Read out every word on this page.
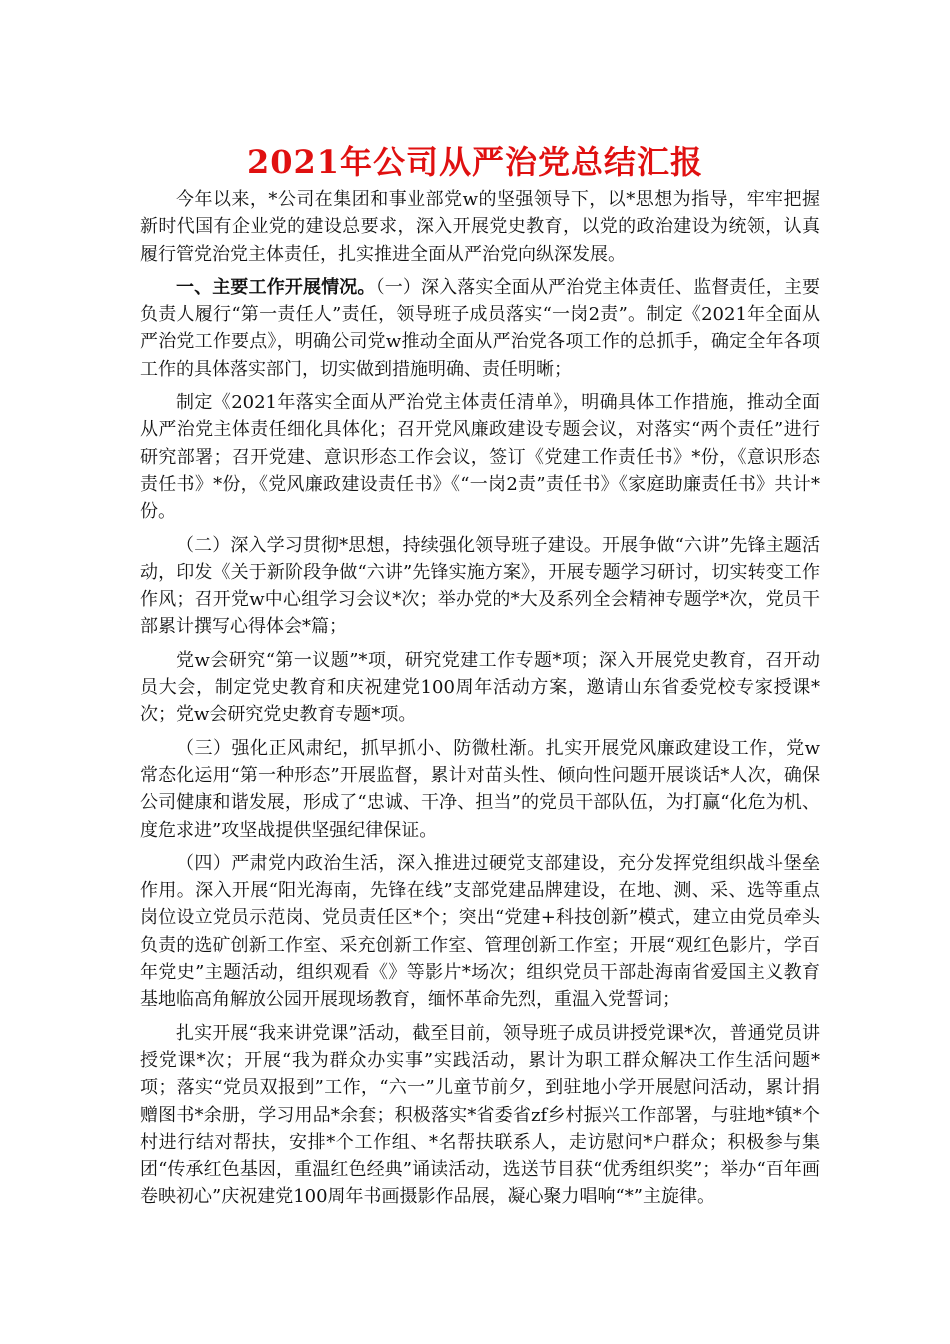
2021年公司从严治党总结汇报

今年以来，*公司在集团和事业部党w的坚强领导下，以*思想为指导，牢牢把握新时代国有企业党的建设总要求，深入开展党史教育，以党的政治建设为统领，认真履行管党治党主体责任，扎实推进全面从严治党向纵深发展。

一、主要工作开展情况。（一）深入落实全面从严治党主体责任、监督责任，主要负责人履行“第一责任人”责任，领导班子成员落实“一岗2责”。制定《2021年全面从严治党工作要点》，明确公司党w推动全面从严治党各项工作的总抓手，确定全年各项工作的具体落实部门，切实做到措施明确、责任明晰；

制定《2021年落实全面从严治党主体责任清单》，明确具体工作措施，推动全面从严治党主体责任细化具体化；召开党风廉政建设专题会议，对落实“两个责任”进行研究部署；召开党建、意识形态工作会议，签订《党建工作责任书》*份，《意识形态责任书》*份，《党风廉政建设责任书》《“一岗2责”责任书》《家庭助廉责任书》共计*份。

（二）深入学习贯彻*思想，持续强化领导班子建设。开展争做“六讲”先锋主题活动，印发《关于新阶段争做“六讲”先锋实施方案》，开展专题学习研讨，切实转变工作作风；召开党w中心组学习会议*次；举办党的*大及系列全会精神专题学*次，党员干部累计撰写心得体会*篇；

党w会研究“第一议题”*项，研究党建工作专题*项；深入开展党史教育，召开动员大会，制定党史教育和庆祝建党100周年活动方案，邀请山东省委党校专家授课*次；党w会研究党史教育专题*项。

（三）强化正风肃纪，抓早抓小、防微杜渐。扎实开展党风廉政建设工作，党w常态化运用“第一种形态”开展监督，累计对苗头性、倾向性问题开展谈话*人次，确保公司健康和谐发展，形成了“忠诚、干净、担当”的党员干部队伍，为打赢“化危为机、度危求进”攻坚战提供坚强纪律保证。

（四）严肃党内政治生活，深入推进过硬党支部建设，充分发挥党组织战斗堡垒作用。深入开展“阳光海南，先锋在线”支部党建品牌建设，在地、测、采、选等重点岗位设立党员示范岗、党员责任区*个；突出“党建+科技创新”模式，建立由党员牵头负责的选矿创新工作室、采充创新工作室、管理创新工作室；开展“观红色影片，学百年党史”主题活动，组织观看《》等影片*场次；组织党员干部赴海南省爱国主义教育基地临高角解放公园开展现场教育，缅怀革命先烈，重温入党誓词；

扎实开展“我来讲党课”活动，截至目前，领导班子成员讲授党课*次，普通党员讲授党课*次；开展“我为群众办实事”实践活动，累计为职工群众解决工作生活问题*项；落实“党员双报到”工作，“六一”儿童节前夕，到驻地小学开展慰问活动，累计捐赠图书*余册，学习用品*余套；积极落实*省委省zf乡村振兴工作部署，与驻地*镇*个村进行结对帮扶，安排*个工作组、*名帮扶联系人，走访慰问*户群众；积极参与集团“传承红色基因，重温红色经典”诵读活动，选送节目获“优秀组织奖”；举办“百年画卷映初心”庆祝建党100周年书画摄影作品展，凝心聚力唱响“*”主旋律。
